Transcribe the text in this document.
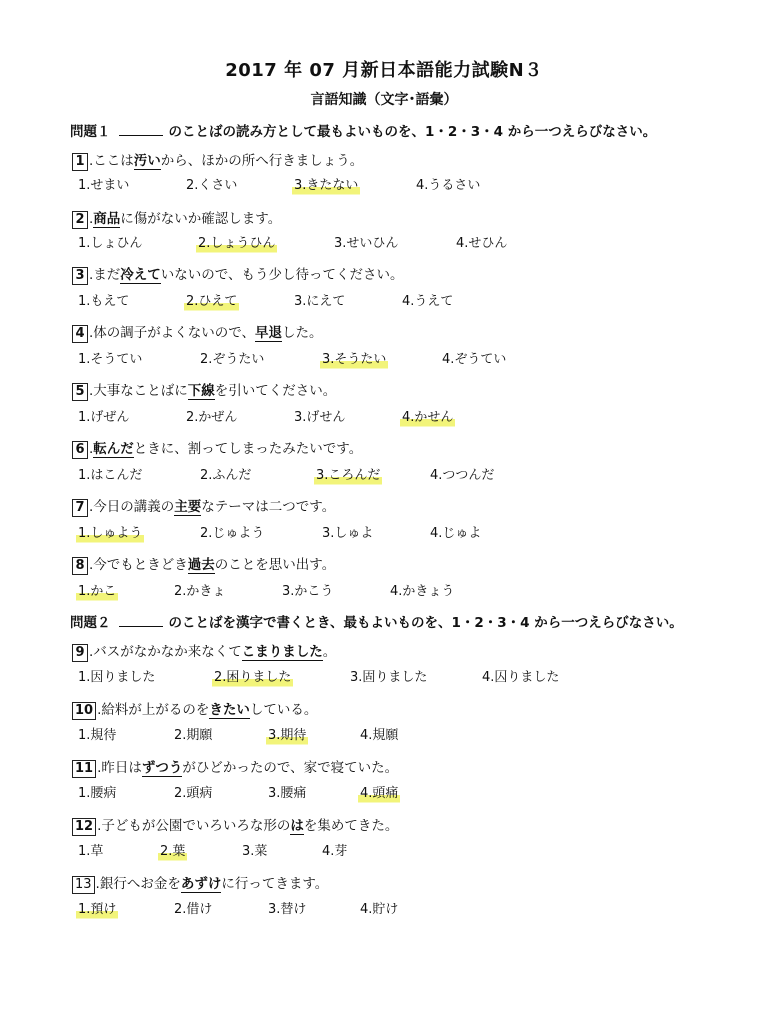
2017 年 07 月新日本語能力試験N３
言語知識（文字･語彙）
問題１	のことばの読み方として最もよいものを、1・2・3・4 から一つえらびなさい。
問題２	のことばを漢字で書くとき、最もよいものを、1・2・3・4 から一つえらびなさい。
1 .ここは汚いから、ほかの所へ行きましょう。
1.せまい	2.くさい	3.きたない	4.うるさい
2 .商品に傷がないか確認します。
1.しょひん	2.しょうひん	3.せいひん	4.せひん
3 .まだ冷えていないので、もう少し待ってください。
1.もえて	2.ひえて	3.にえて	4.うえて
4 .体の調子がよくないので、早退した。
1.そうてい	2.ぞうたい	3.そうたい	4.ぞうてい
5 .大事なことばに下線を引いてください。
1.げぜん	2.かぜん	3.げせん	4.かせん
6 .転んだときに、割ってしまったみたいです。
1.はこんだ	2.ふんだ	3.ころんだ	4.つつんだ
7 .今日の講義の主要なテーマは二つです。
1.しゅよう	2.じゅよう	3.しゅよ	4.じゅよ
8 .今でもときどき過去のことを思い出す。
1.かこ	2.かきょ	3.かこう	4.かきょう
9 .バスがなかなか来なくてこまりました。
1.因りました	2.困りました	3.固りました	4.囚りました
10 .給料が上がるのをきたいしている。
1.規待	2.期願	3.期待	4.規願
11 .昨日はずつうがひどかったので、家で寝ていた。
1.腰病	2.頭病	3.腰痛	4.頭痛
12 .子どもが公園でいろいろな形のはを集めてきた。
1.草	2.葉	3.菜	4.芽
13 .銀行へお金をあずけに行ってきます。
1.預け	2.借け	3.替け	4.貯け
